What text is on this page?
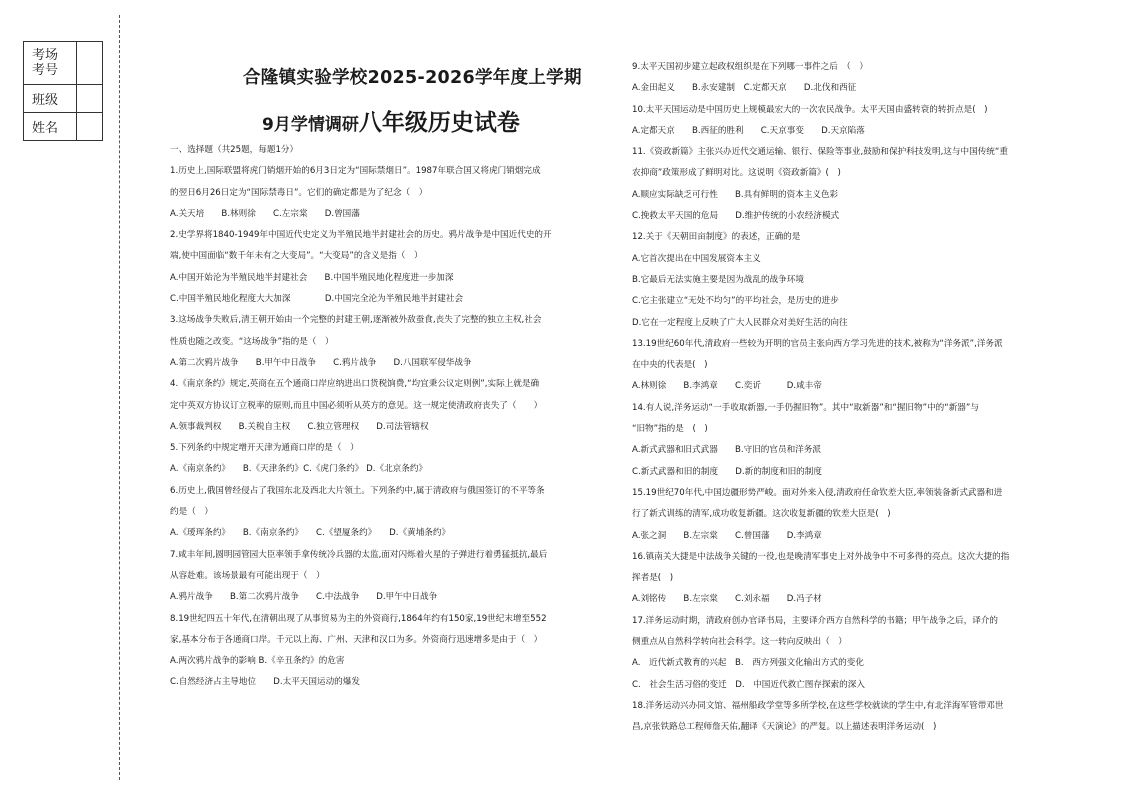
考场
考号	
班级	
姓名	
合隆镇实验学校2025-2026学年度上学期
9月学情调研八年级历史试卷
一、选择题（共25题，每题1分）
1.历史上,国际联盟将虎门销烟开始的6月3日定为“国际禁烟日”。1987年联合国又将虎门销烟完成
的翌日6月26日定为“国际禁毒日”。它们的确定都是为了纪念（　）
A.关天培　　B.林则徐　　C.左宗棠　　D.曾国藩
2.史学界将1840-1949年中国近代史定义为半殖民地半封建社会的历史。鸦片战争是中国近代史的开
端,使中国面临“数千年未有之大变局”。“大变局”的含义是指（　）
A.中国开始沦为半殖民地半封建社会　　B.中国半殖民地化程度进一步加深
C.中国半殖民地化程度大大加深　　　　D.中国完全沦为半殖民地半封建社会
3.这场战争失败后,清王朝开始由一个完整的封建王朝,逐渐被外敌蚕食,丧失了完整的独立主权,社会
性质也随之改变。“这场战争”指的是（　）
A.第二次鸦片战争　　B.甲午中日战争　　C.鸦片战争　　D.八国联军侵华战争
4.《南京条约》规定,英商在五个通商口岸应纳进出口货税饷费,“均宜秉公议定则例”,实际上就是确
定中英双方协议订立税率的原则,而且中国必须听从英方的意见。这一规定使清政府丧失了（　　）
A.领事裁判权　　B.关税自主权　　C.独立管理权　　D.司法管辖权
5.下列条约中规定增开天津为通商口岸的是（　）
A.《南京条约》　　B.《天津条约》C.《虎门条约》 D.《北京条约》
6.历史上,俄国曾经侵占了我国东北及西北大片领土。下列条约中,属于清政府与俄国签订的不平等条
约是（　）
A.《瑷珲条约》　　B.《南京条约》　　C.《望厦条约》　　D.《黄埔条约》
7.咸丰年间,圆明园管园大臣率领手拿传统冷兵器的太监,面对闪烁着火星的子弹进行着勇猛抵抗,最后
从容赴难。该场景最有可能出现于（　）
A.鸦片战争　　B.第二次鸦片战争　　C.中法战争　　D.甲午中日战争
8.19世纪四五十年代,在清朝出现了从事贸易为主的外资商行,1864年约有150家,19世纪末增至552
家,基本分布于各通商口岸。千元以上海、广州、天津和汉口为多。外资商行迅速增多是由于（　）
A.两次鸦片战争的影响 B.《辛丑条约》的危害
C.自然经济占主导地位　　D.太平天国运动的爆发
9.太平天国初步建立起政权组织是在下列哪一事件之后　（　）
A.金田起义　　B.永安建制　C.定都天京　　D.北伐和西征
10.太平天国运动是中国历史上规模最宏大的一次农民战争。太平天国由盛转衰的转折点是(　)
A.定都天京　　B.西征的胜利　　C.天京事变　　D.天京陷落
11.《资政新篇》主张兴办近代交通运输、银行、保险等事业,鼓励和保护科技发明,这与中国传统“重
农抑商”政策形成了鲜明对比。这说明《资政新篇》(　)
A.顺应实际缺乏可行性　　B.具有鲜明的资本主义色彩
C.挽救太平天国的危局　　D.维护传统的小农经济模式
12.关于《天朝田亩制度》的表述，正确的是
A.它首次提出在中国发展资本主义
B.它最后无法实施主要是因为战乱的战争环境
C.它主张建立“无处不均匀”的平均社会，是历史的进步
D.它在一定程度上反映了广大人民群众对美好生活的向往
13.19世纪60年代,清政府一些较为开明的官员主张向西方学习先进的技术,被称为“洋务派”,洋务派
在中央的代表是(　)
A.林则徐　　B.李鸿章　　C.奕䜣　　　D.咸丰帝
14.有人说,洋务运动“一手收取新器,一手仍握旧物”。其中“取新器”和“握旧物”中的“新器”与
“旧物”指的是　(　)
A.新式武器和旧式武器　　B.守旧的官员和洋务派
C.新式武器和旧的制度　　D.新的制度和旧的制度
15.19世纪70年代,中国边疆形势严峻。面对外来入侵,清政府任命钦差大臣,率领装备新式武器和进
行了新式训练的清军,成功收复新疆。这次收复新疆的钦差大臣是(　)
A.张之洞　　B.左宗棠　　C.曾国藩　　D.李鸿章
16.镇南关大捷是中法战争关键的一役,也是晚清军事史上对外战争中不可多得的亮点。这次大捷的指
挥者是(　)
A.刘铭传　　B.左宗棠　　C.刘永福　　D.冯子材
17.洋务运动时期，清政府创办官译书局，主要译介西方自然科学的书籍；甲午战争之后，译介的
侧重点从自然科学转向社会科学。这一转向反映出（　）
A.　近代新式教育的兴起　B.　西方列强文化输出方式的变化
C.　社会生活习俗的变迁　D.　中国近代救亡图存探索的深入
18.洋务运动兴办同文馆、福州船政学堂等多所学校,在这些学校就读的学生中,有北洋海军管带邓世
昌,京张铁路总工程师詹天佑,翻译《天演论》的严复。以上描述表明洋务运动(　)
